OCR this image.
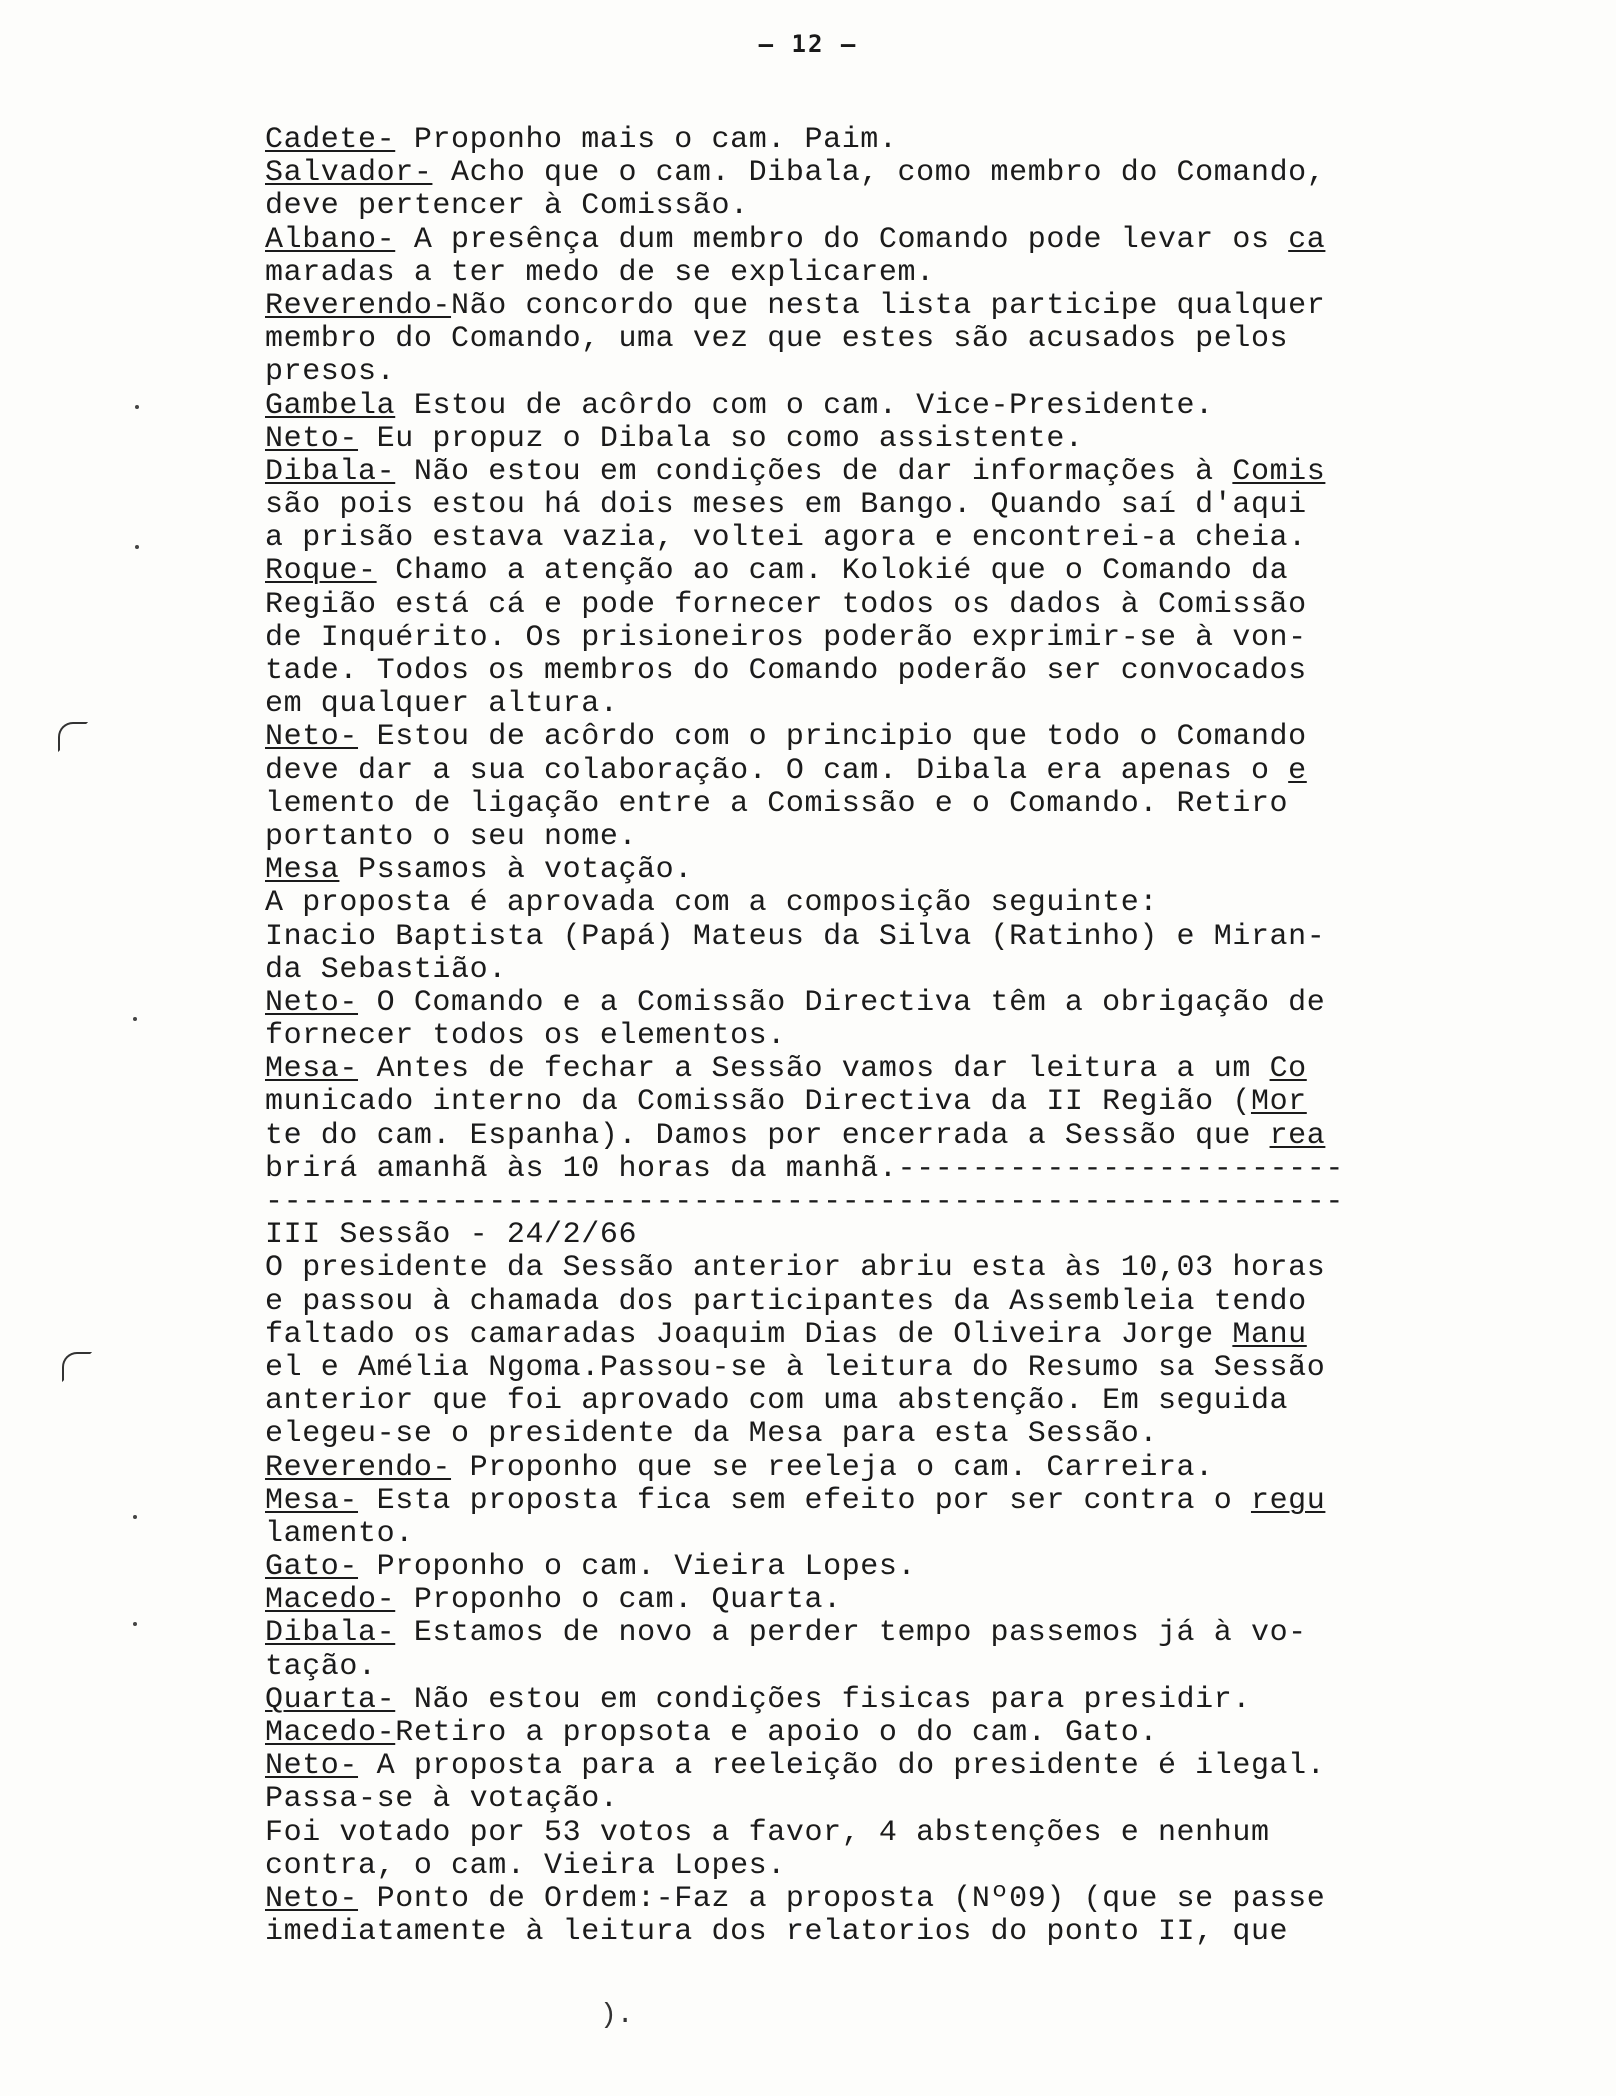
– 12 –
Cadete- Proponho mais o cam. Paim.
Salvador- Acho que o cam. Dibala, como membro do Comando,
deve pertencer à Comissão.
Albano- A presênça dum membro do Comando pode levar os ca
maradas a ter medo de se explicarem.
Reverendo-Não concordo que nesta lista participe qualquer
membro do Comando, uma vez que estes são acusados pelos
presos.
Gambela Estou de acôrdo com o cam. Vice-Presidente.
Neto- Eu propuz o Dibala so como assistente.
Dibala- Não estou em condições de dar informações à Comis
são pois estou há dois meses em Bango. Quando saí d'aqui
a prisão estava vazia, voltei agora e encontrei-a cheia.
Roque- Chamo a atenção ao cam. Kolokié que o Comando da
Região está cá e pode fornecer todos os dados à Comissão
de Inquérito. Os prisioneiros poderão exprimir-se à von-
tade. Todos os membros do Comando poderão ser convocados
em qualquer altura.
Neto- Estou de acôrdo com o principio que todo o Comando
deve dar a sua colaboração. O cam. Dibala era apenas o e
lemento de ligação entre a Comissão e o Comando. Retiro
portanto o seu nome.
Mesa Pssamos à votação.
A proposta é aprovada com a composição seguinte:
Inacio Baptista (Papá) Mateus da Silva (Ratinho) e Miran-
da Sebastião.
Neto- O Comando e a Comissão Directiva têm a obrigação de
fornecer todos os elementos.
Mesa- Antes de fechar a Sessão vamos dar leitura a um Co
municado interno da Comissão Directiva da II Região (Mor
te do cam. Espanha). Damos por encerrada a Sessão que rea
brirá amanhã às 10 horas da manhã.------------------------
----------------------------------------------------------
III Sessão - 24/2/66
O presidente da Sessão anterior abriu esta às 10,03 horas
e passou à chamada dos participantes da Assembleia tendo
faltado os camaradas Joaquim Dias de Oliveira Jorge Manu
el e Amélia Ngoma.Passou-se à leitura do Resumo sa Sessão
anterior que foi aprovado com uma abstenção. Em seguida
elegeu-se o presidente da Mesa para esta Sessão.
Reverendo- Proponho que se reeleja o cam. Carreira.
Mesa- Esta proposta fica sem efeito por ser contra o regu
lamento.
Gato- Proponho o cam. Vieira Lopes.
Macedo- Proponho o cam. Quarta.
Dibala- Estamos de novo a perder tempo passemos já à vo-
tação.
Quarta- Não estou em condições fisicas para presidir.
Macedo-Retiro a propsota e apoio o do cam. Gato.
Neto- A proposta para a reeleição do presidente é ilegal.
Passa-se à votação.
Foi votado por 53 votos a favor, 4 abstenções e nenhum
contra, o cam. Vieira Lopes.
Neto- Ponto de Ordem:-Faz a proposta (Nº09) (que se passe
imediatamente à leitura dos relatorios do ponto II, que
).
